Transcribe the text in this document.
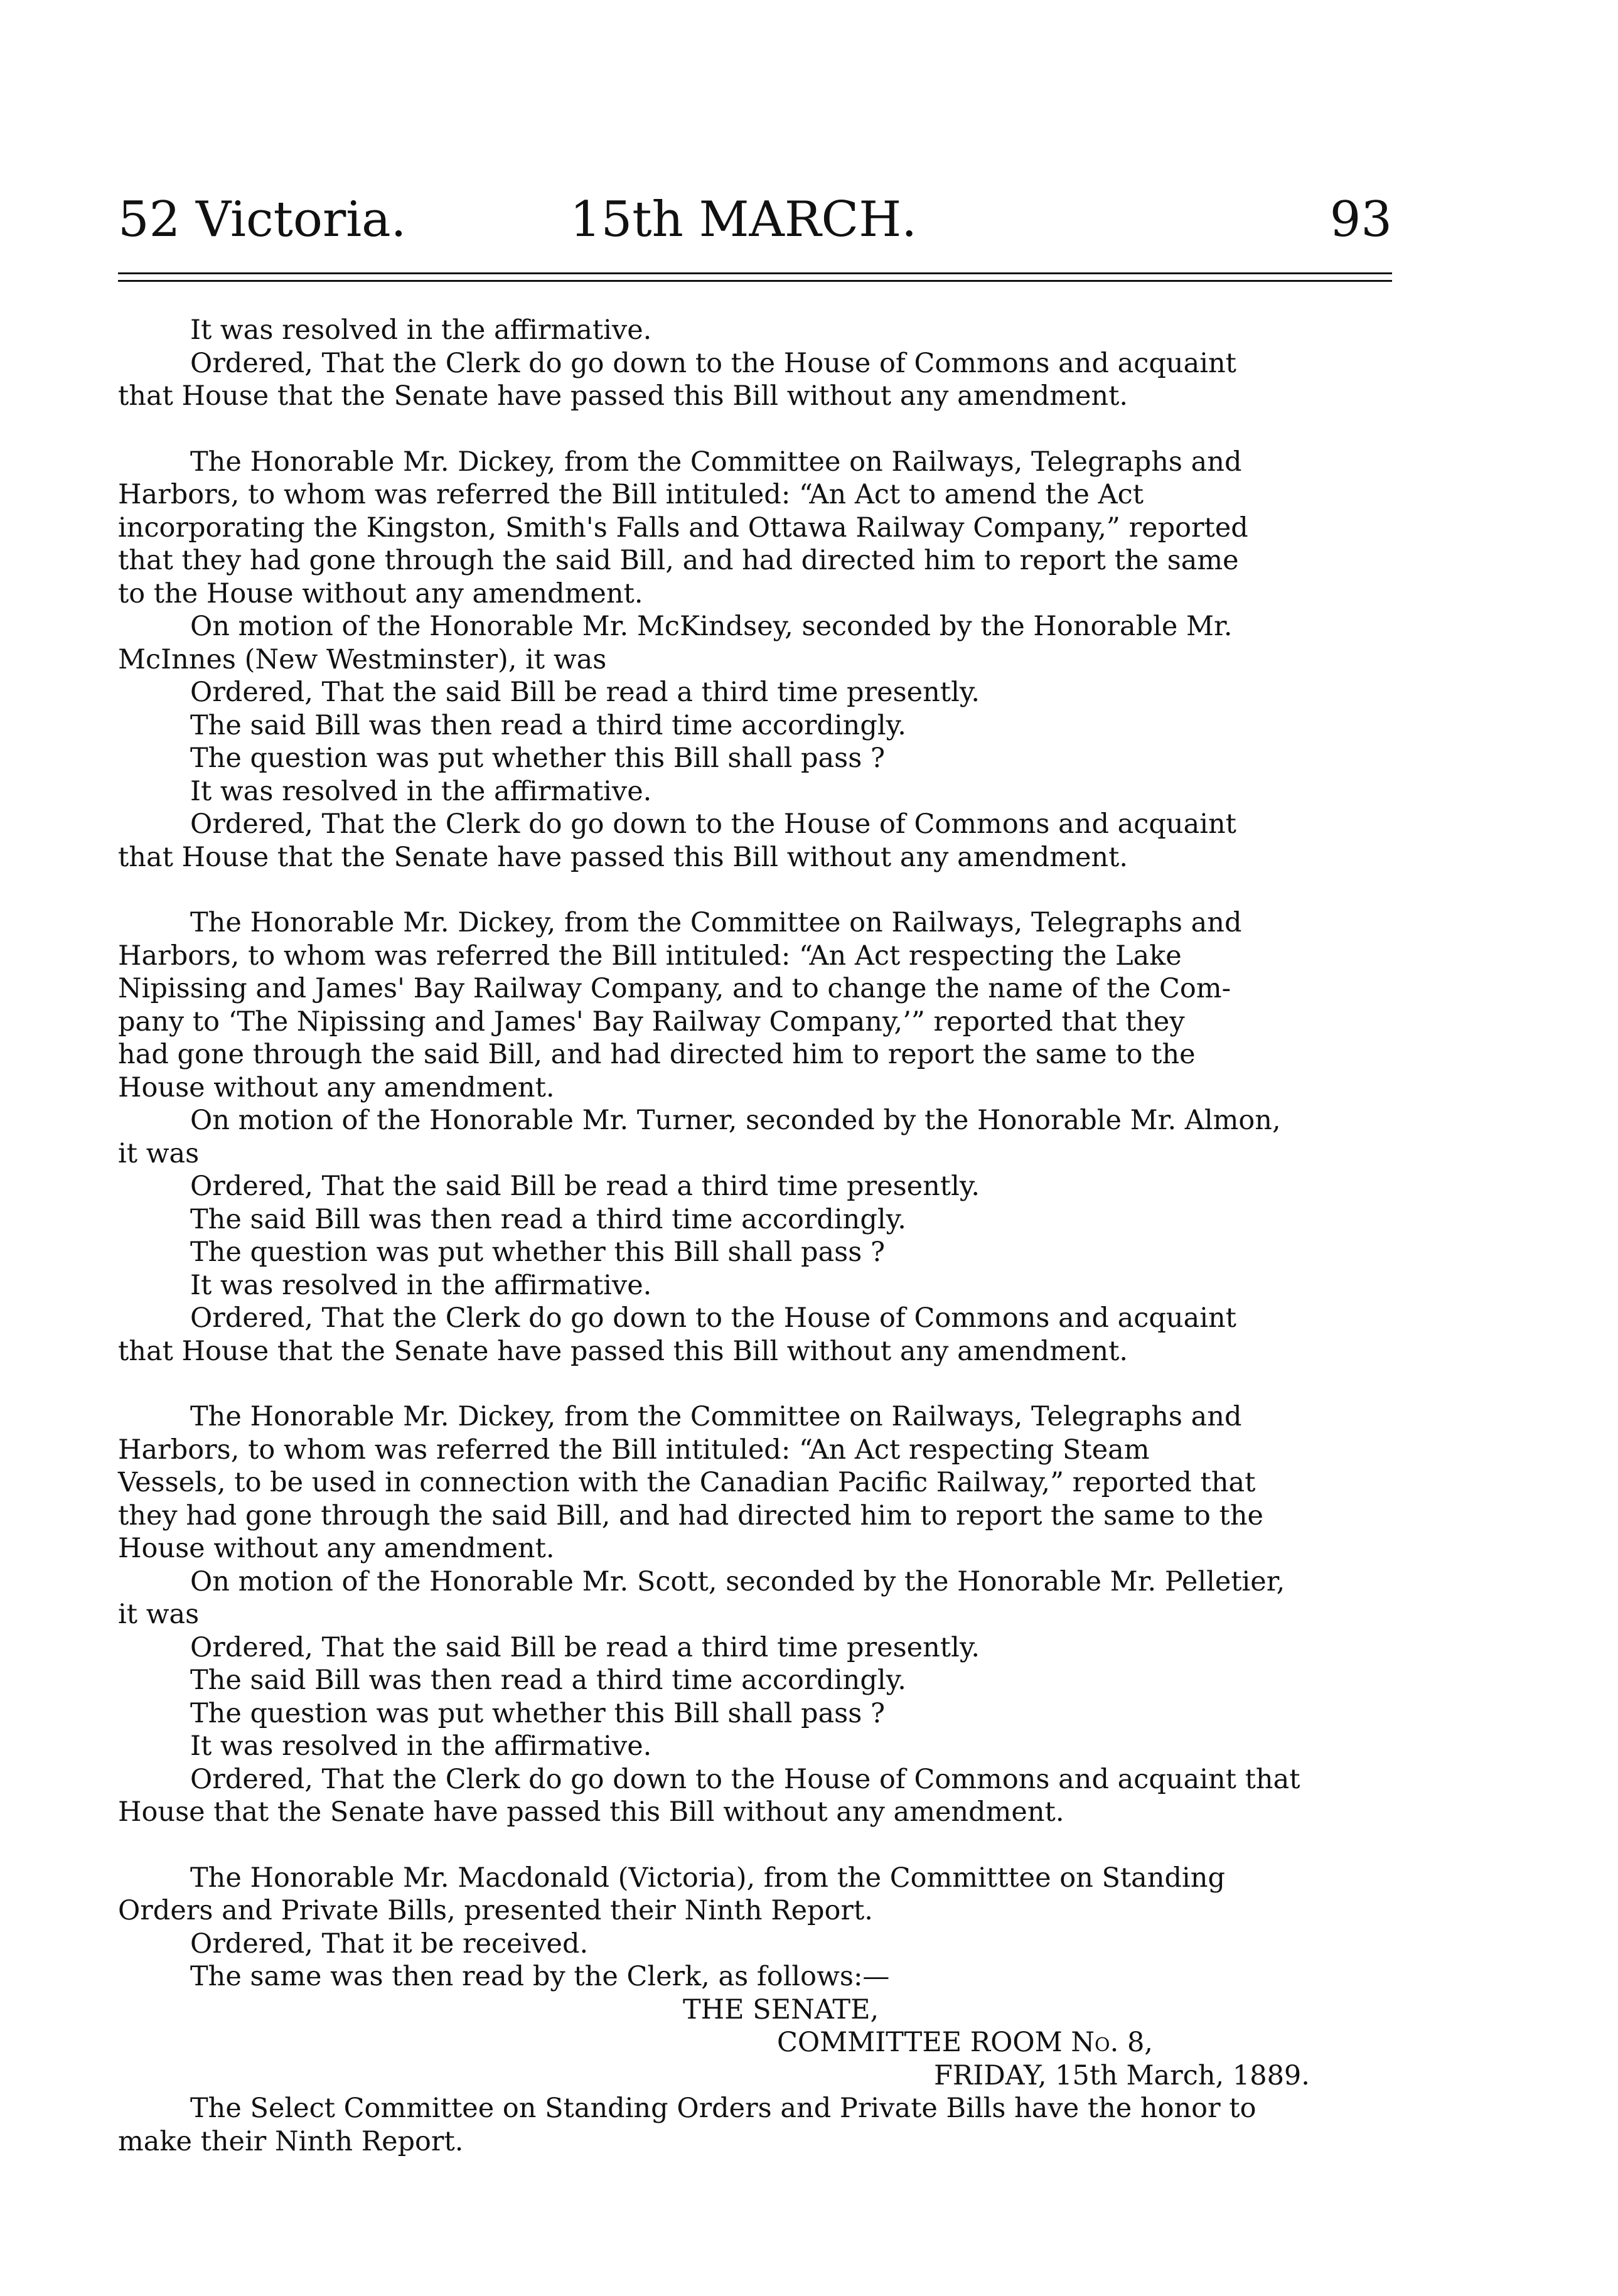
52 Victoria.	15th MARCH.	93
It was resolved in the affirmative.
Ordered, That the Clerk do go down to the House of Commons and acquaint
that House that the Senate have passed this Bill without any amendment.
The Honorable Mr. Dickey, from the Committee on Railways, Telegraphs and
Harbors, to whom was referred the Bill intituled: “An Act to amend the Act
incorporating the Kingston, Smith's Falls and Ottawa Railway Company,” reported
that they had gone through the said Bill, and had directed him to report the same
to the House without any amendment.
On motion of the Honorable Mr. McKindsey, seconded by the Honorable Mr.
McInnes (New Westminster), it was
Ordered, That the said Bill be read a third time presently.
The said Bill was then read a third time accordingly.
The question was put whether this Bill shall pass ?
It was resolved in the affirmative.
Ordered, That the Clerk do go down to the House of Commons and acquaint
that House that the Senate have passed this Bill without any amendment.
The Honorable Mr. Dickey, from the Committee on Railways, Telegraphs and
Harbors, to whom was referred the Bill intituled: “An Act respecting the Lake
Nipissing and James' Bay Railway Company, and to change the name of the Com-
pany to ‘The Nipissing and James' Bay Railway Company,’” reported that they
had gone through the said Bill, and had directed him to report the same to the
House without any amendment.
On motion of the Honorable Mr. Turner, seconded by the Honorable Mr. Almon,
it was
Ordered, That the said Bill be read a third time presently.
The said Bill was then read a third time accordingly.
The question was put whether this Bill shall pass ?
It was resolved in the affirmative.
Ordered, That the Clerk do go down to the House of Commons and acquaint
that House that the Senate have passed this Bill without any amendment.
The Honorable Mr. Dickey, from the Committee on Railways, Telegraphs and
Harbors, to whom was referred the Bill intituled: “An Act respecting Steam
Vessels, to be used in connection with the Canadian Pacific Railway,” reported that
they had gone through the said Bill, and had directed him to report the same to the
House without any amendment.
On motion of the Honorable Mr. Scott, seconded by the Honorable Mr. Pelletier,
it was
Ordered, That the said Bill be read a third time presently.
The said Bill was then read a third time accordingly.
The question was put whether this Bill shall pass ?
It was resolved in the affirmative.
Ordered, That the Clerk do go down to the House of Commons and acquaint that
House that the Senate have passed this Bill without any amendment.
The Honorable Mr. Macdonald (Victoria), from the Committtee on Standing
Orders and Private Bills, presented their Ninth Report.
Ordered, That it be received.
The same was then read by the Clerk, as follows:—
THE SENATE,
COMMITTEE ROOM No. 8,
FRIDAY, 15th March, 1889.
The Select Committee on Standing Orders and Private Bills have the honor to
make their Ninth Report.
